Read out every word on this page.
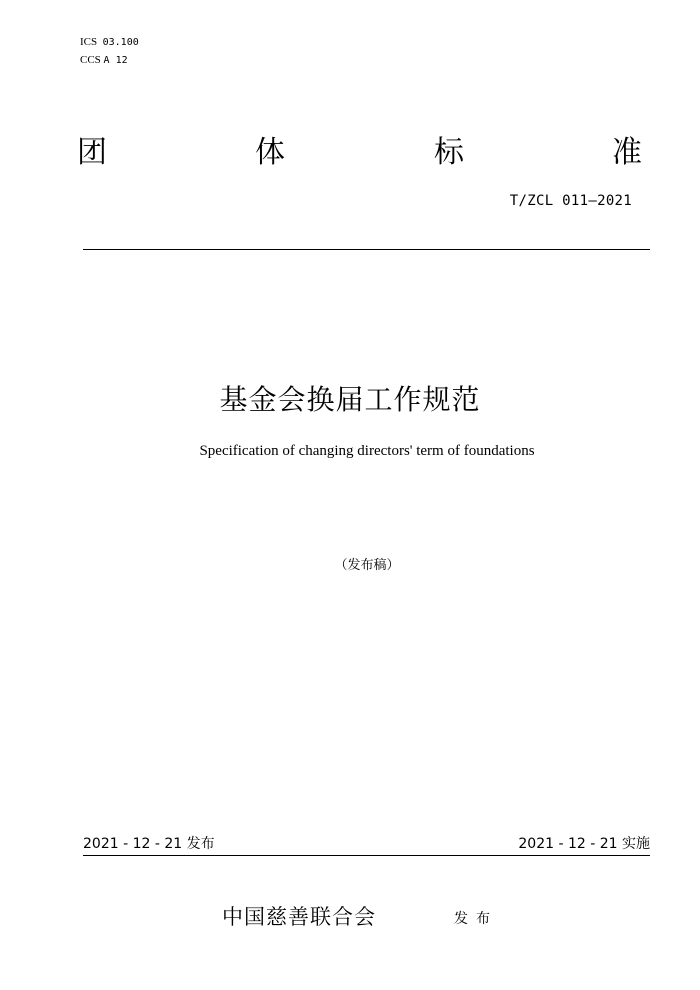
ICS 03.100
CCS A 12
团	体	标	准
T/ZCL 011—2021
基金会换届工作规范
Specification of changing directors' term of foundations
（发布稿）
2021 - 12 - 21 发布	2021 - 12 - 21 实施
中国慈善联合会	发布
